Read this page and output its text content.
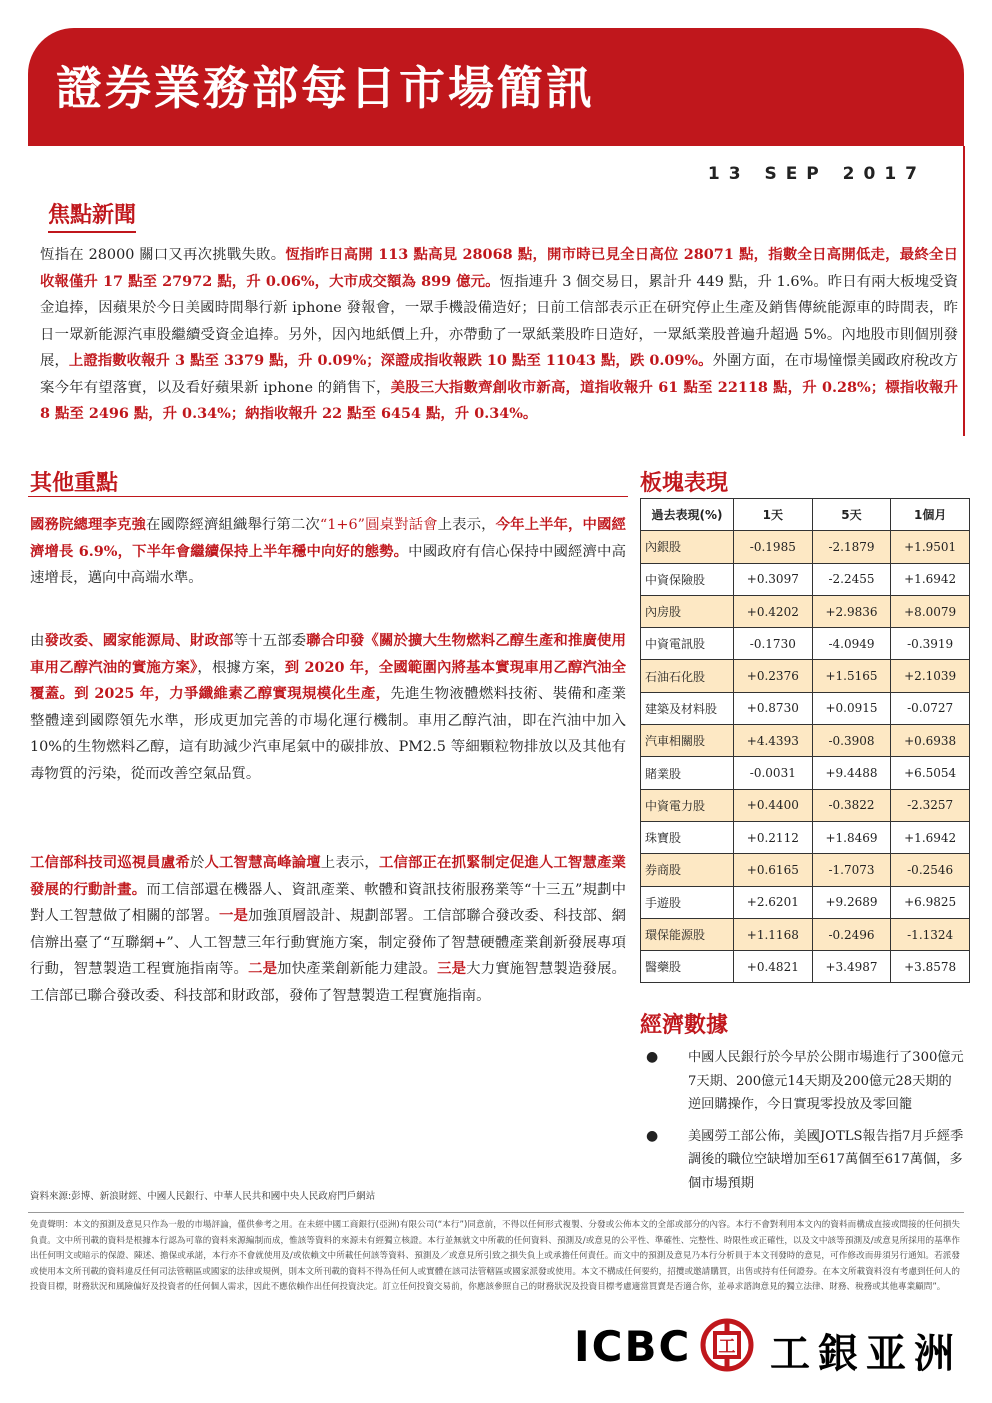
證券業務部每日市場簡訊
13 SEP 2017
焦點新聞
恆指在 28000 關口又再次挑戰失敗。恆指昨日高開 113 點高見 28068 點，開市時已見全日高位 28071 點，指數全日高開低走，最終全日收報僅升 17 點至 27972 點，升 0.06%，大市成交額為 899 億元。恆指連升 3 個交易日，累計升 449 點，升 1.6%。昨日有兩大板塊受資金追捧，因蘋果於今日美國時間舉行新 iphone 發報會，一眾手機設備造好；日前工信部表示正在研究停止生產及銷售傳統能源車的時間表，昨日一眾新能源汽車股繼續受資金追捧。另外，因內地紙價上升，亦帶動了一眾紙業股昨日造好，一眾紙業股普遍升超過 5%。內地股市則個別發展，上證指數收報升 3 點至 3379 點，升 0.09%；深證成指收報跌 10 點至 11043 點，跌 0.09%。外圍方面，在市場憧憬美國政府稅改方案今年有望落實，以及看好蘋果新 iphone 的銷售下，美股三大指數齊創收市新高，道指收報升 61 點至 22118 點，升 0.28%；標指收報升 8 點至 2496 點，升 0.34%；納指收報升 22 點至 6454 點，升 0.34%。
其他重點
國務院總理李克強在國際經濟組織舉行第二次“1+6”圓桌對話會上表示，今年上半年，中國經濟增長 6.9%，下半年會繼續保持上半年穩中向好的態勢。中國政府有信心保持中國經濟中高速增長，邁向中高端水準。
由發改委、國家能源局、財政部等十五部委聯合印發《關於擴大生物燃料乙醇生產和推廣使用車用乙醇汽油的實施方案》，根據方案，到 2020 年，全國範圍內將基本實現車用乙醇汽油全覆蓋。到 2025 年，力爭纖維素乙醇實現規模化生產，先進生物液體燃料技術、裝備和產業整體達到國際領先水準，形成更加完善的市場化運行機制。車用乙醇汽油，即在汽油中加入 10%的生物燃料乙醇，這有助減少汽車尾氣中的碳排放、PM2.5 等細顆粒物排放以及其他有毒物質的污染，從而改善空氣品質。
工信部科技司巡視員盧希於人工智慧高峰論壇上表示，工信部正在抓緊制定促進人工智慧產業發展的行動計畫。而工信部還在機器人、資訊產業、軟體和資訊技術服務業等“十三五”規劃中對人工智慧做了相關的部署。一是加強頂層設計、規劃部署。工信部聯合發改委、科技部、網信辦出臺了“互聯網+”、人工智慧三年行動實施方案，制定發佈了智慧硬體產業創新發展專項行動，智慧製造工程實施指南等。二是加快產業創新能力建設。三是大力實施智慧製造發展。工信部已聯合發改委、科技部和財政部，發佈了智慧製造工程實施指南。
板塊表現
過去表現(%)	1天	5天	1個月
內銀股	-0.1985	-2.1879	+1.9501
中資保險股	+0.3097	-2.2455	+1.6942
內房股	+0.4202	+2.9836	+8.0079
中資電訊股	-0.1730	-4.0949	-0.3919
石油石化股	+0.2376	+1.5165	+2.1039
建築及材料股	+0.8730	+0.0915	-0.0727
汽車相關股	+4.4393	-0.3908	+0.6938
賭業股	-0.0031	+9.4488	+6.5054
中資電力股	+0.4400	-0.3822	-2.3257
珠寶股	+0.2112	+1.8469	+1.6942
券商股	+0.6165	-1.7073	-0.2546
手遊股	+2.6201	+9.2689	+6.9825
環保能源股	+1.1168	-0.2496	-1.1324
醫藥股	+0.4821	+3.4987	+3.8578
經濟數據
● 中國人民銀行於今早於公開市場進行了300億元7天期、200億元14天期及200億元28天期的逆回購操作，今日實現零投放及零回籠
● 美國勞工部公佈，美國JOTLS報告指7月乒經季調後的職位空缺增加至617萬個至617萬個，多個市場預期
資料來源:彭博、新浪財經、中國人民銀行、中華人民共和國中央人民政府門戶網站
免責聲明：本文的預測及意見只作為一般的市場評論，僅供參考之用。在未經中國工商銀行(亞洲)有限公司(“本行”)同意前，不得以任何形式複製、分發或公佈本文的全部或部分的內容。本行不會對利用本文內的資料而構成直接或間接的任何損失負責。文中所刊載的資料是根據本行認為可靠的資料來源編制而成，惟該等資料的來源未有經獨立核證。本行並無就文中所載的任何資料、預測及/或意見的公平性、準確性、完整性、時限性或正確性，以及文中該等預測及/或意見所採用的基準作出任何明文或暗示的保證、陳述、擔保或承諾，本行亦不會就使用及/或依賴文中所載任何該等資料、預測及／或意見所引致之損失負上或承擔任何責任。而文中的預測及意見乃本行分析員于本文刊發時的意見，可作修改而毋須另行通知。若派發或使用本文所刊載的資料違反任何司法管轄區或國家的法律或規例，則本文所刊載的資料不得為任何人或實體在該司法管轄區或國家派發或使用。本文不構成任何要約，招攬或邀請購買，出售或持有任何證券。在本文所載資料沒有考慮到任何人的投資目標，財務狀況和風險偏好及投資者的任何個人需求，因此不應依賴作出任何投資決定。訂立任何投資交易前，你應該參照自己的財務狀況及投資目標考慮適當買賣是否適合你，並尋求諮詢意見的獨立法律、財務、稅務或其他專業顧問”。
ICBC 工 工銀亚洲
